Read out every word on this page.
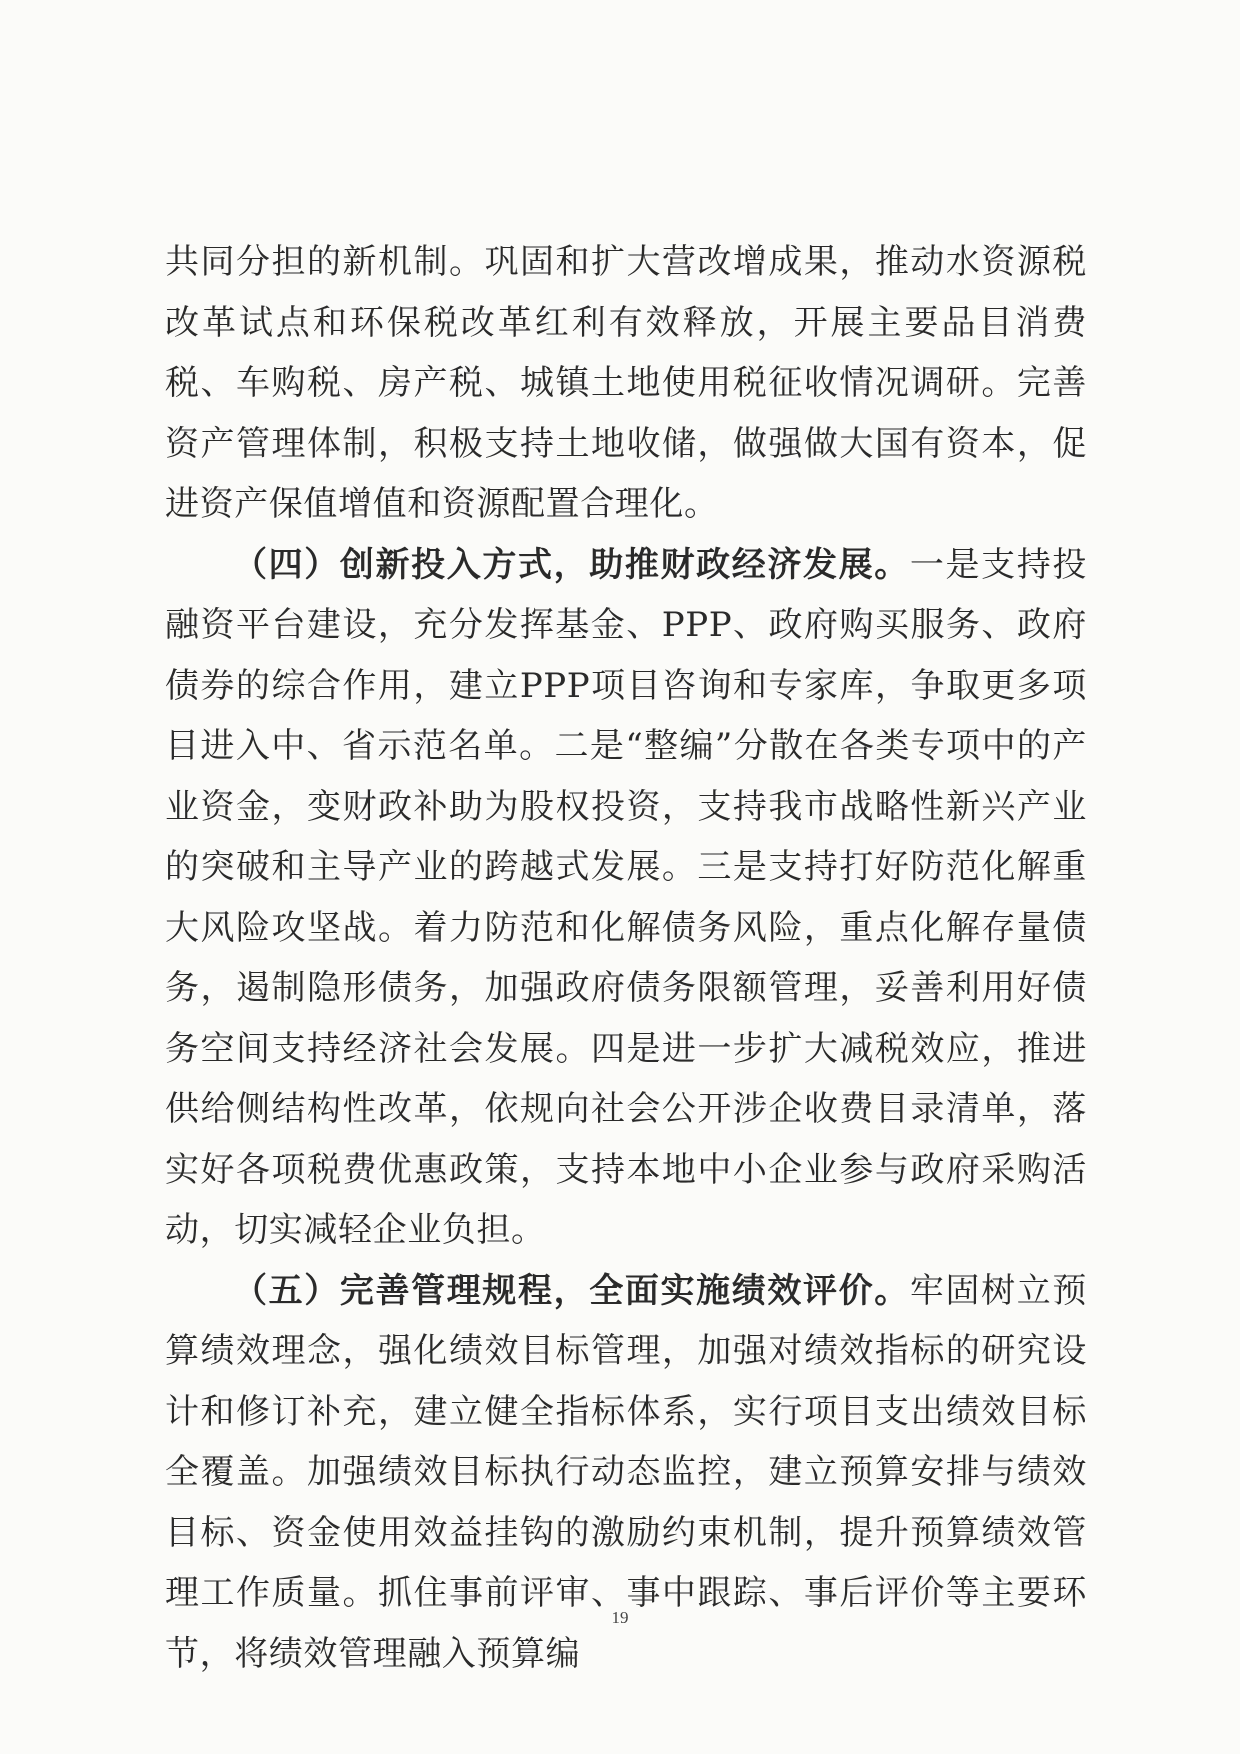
共同分担的新机制。巩固和扩大营改增成果，推动水资源税改革试点和环保税改革红利有效释放，开展主要品目消费税、车购税、房产税、城镇土地使用税征收情况调研。完善资产管理体制，积极支持土地收储，做强做大国有资本，促进资产保值增值和资源配置合理化。

（四）创新投入方式，助推财政经济发展。一是支持投融资平台建设，充分发挥基金、PPP、政府购买服务、政府债券的综合作用，建立PPP项目咨询和专家库，争取更多项目进入中、省示范名单。二是“整编”分散在各类专项中的产业资金，变财政补助为股权投资，支持我市战略性新兴产业的突破和主导产业的跨越式发展。三是支持打好防范化解重大风险攻坚战。着力防范和化解债务风险，重点化解存量债务，遏制隐形债务，加强政府债务限额管理，妥善利用好债务空间支持经济社会发展。四是进一步扩大减税效应，推进供给侧结构性改革，依规向社会公开涉企收费目录清单，落实好各项税费优惠政策，支持本地中小企业参与政府采购活动，切实减轻企业负担。

（五）完善管理规程，全面实施绩效评价。牢固树立预算绩效理念，强化绩效目标管理，加强对绩效指标的研究设计和修订补充，建立健全指标体系，实行项目支出绩效目标全覆盖。加强绩效目标执行动态监控，建立预算安排与绩效目标、资金使用效益挂钩的激励约束机制，提升预算绩效管理工作质量。抓住事前评审、事中跟踪、事后评价等主要环节，将绩效管理融入预算编

19
